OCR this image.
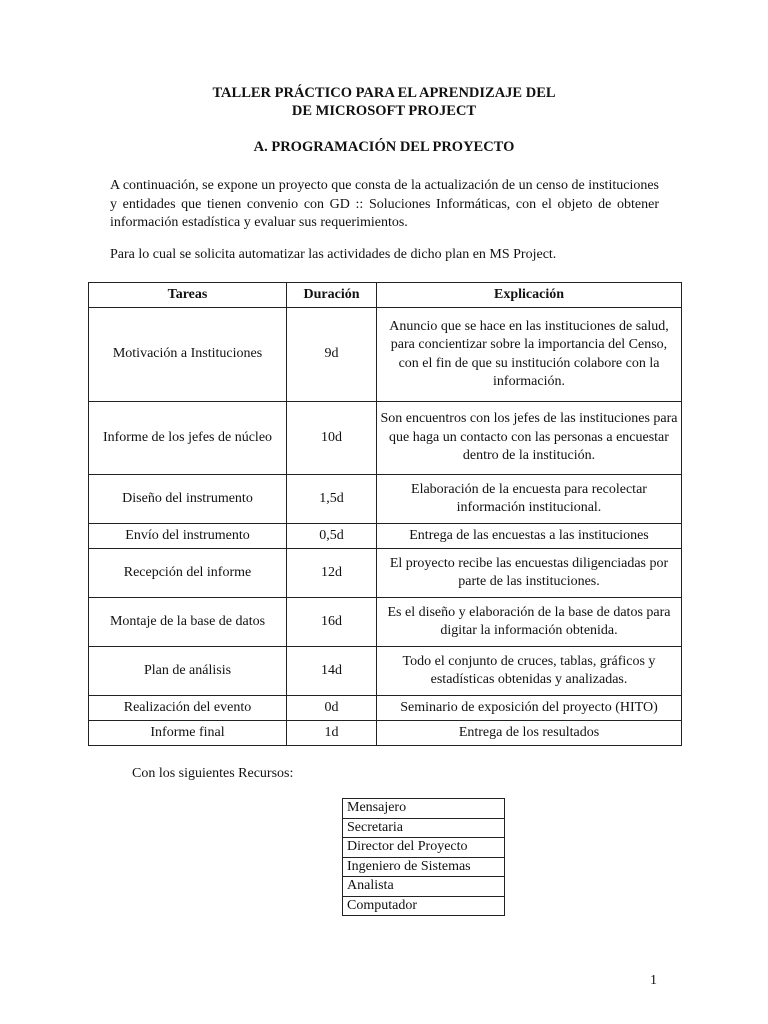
TALLER PRÁCTICO PARA EL APRENDIZAJE DEL
DE MICROSOFT PROJECT
A. PROGRAMACIÓN DEL PROYECTO

A continuación, se expone un proyecto que consta de la actualización de un censo de instituciones y entidades que tienen convenio con GD :: Soluciones Informáticas, con el objeto de obtener información estadística y evaluar sus requerimientos.

Para lo cual se solicita automatizar las actividades de dicho plan en MS Project.

Tareas	Duración	Explicación
Motivación a Instituciones	9d	Anuncio que se hace en las instituciones de salud, para concientizar sobre la importancia del Censo, con el fin de que su institución colabore con la información.
Informe de los jefes de núcleo	10d	Son encuentros con los jefes de las instituciones para que haga un contacto con las personas a encuestar dentro de la institución.
Diseño del instrumento	1,5d	Elaboración de la encuesta para recolectar información institucional.
Envío del instrumento	0,5d	Entrega de las encuestas a las instituciones
Recepción del informe	12d	El proyecto recibe las encuestas diligenciadas por parte de las instituciones.
Montaje de la base de datos	16d	Es el diseño y elaboración de la base de datos para digitar la información obtenida.
Plan de análisis	14d	Todo el conjunto de cruces, tablas, gráficos y estadísticas obtenidas y analizadas.
Realización del evento	0d	Seminario de exposición del proyecto (HITO)
Informe final	1d	Entrega de los resultados
Con los siguientes Recursos:
Mensajero
Secretaria
Director del Proyecto
Ingeniero de Sistemas
Analista
Computador
1
